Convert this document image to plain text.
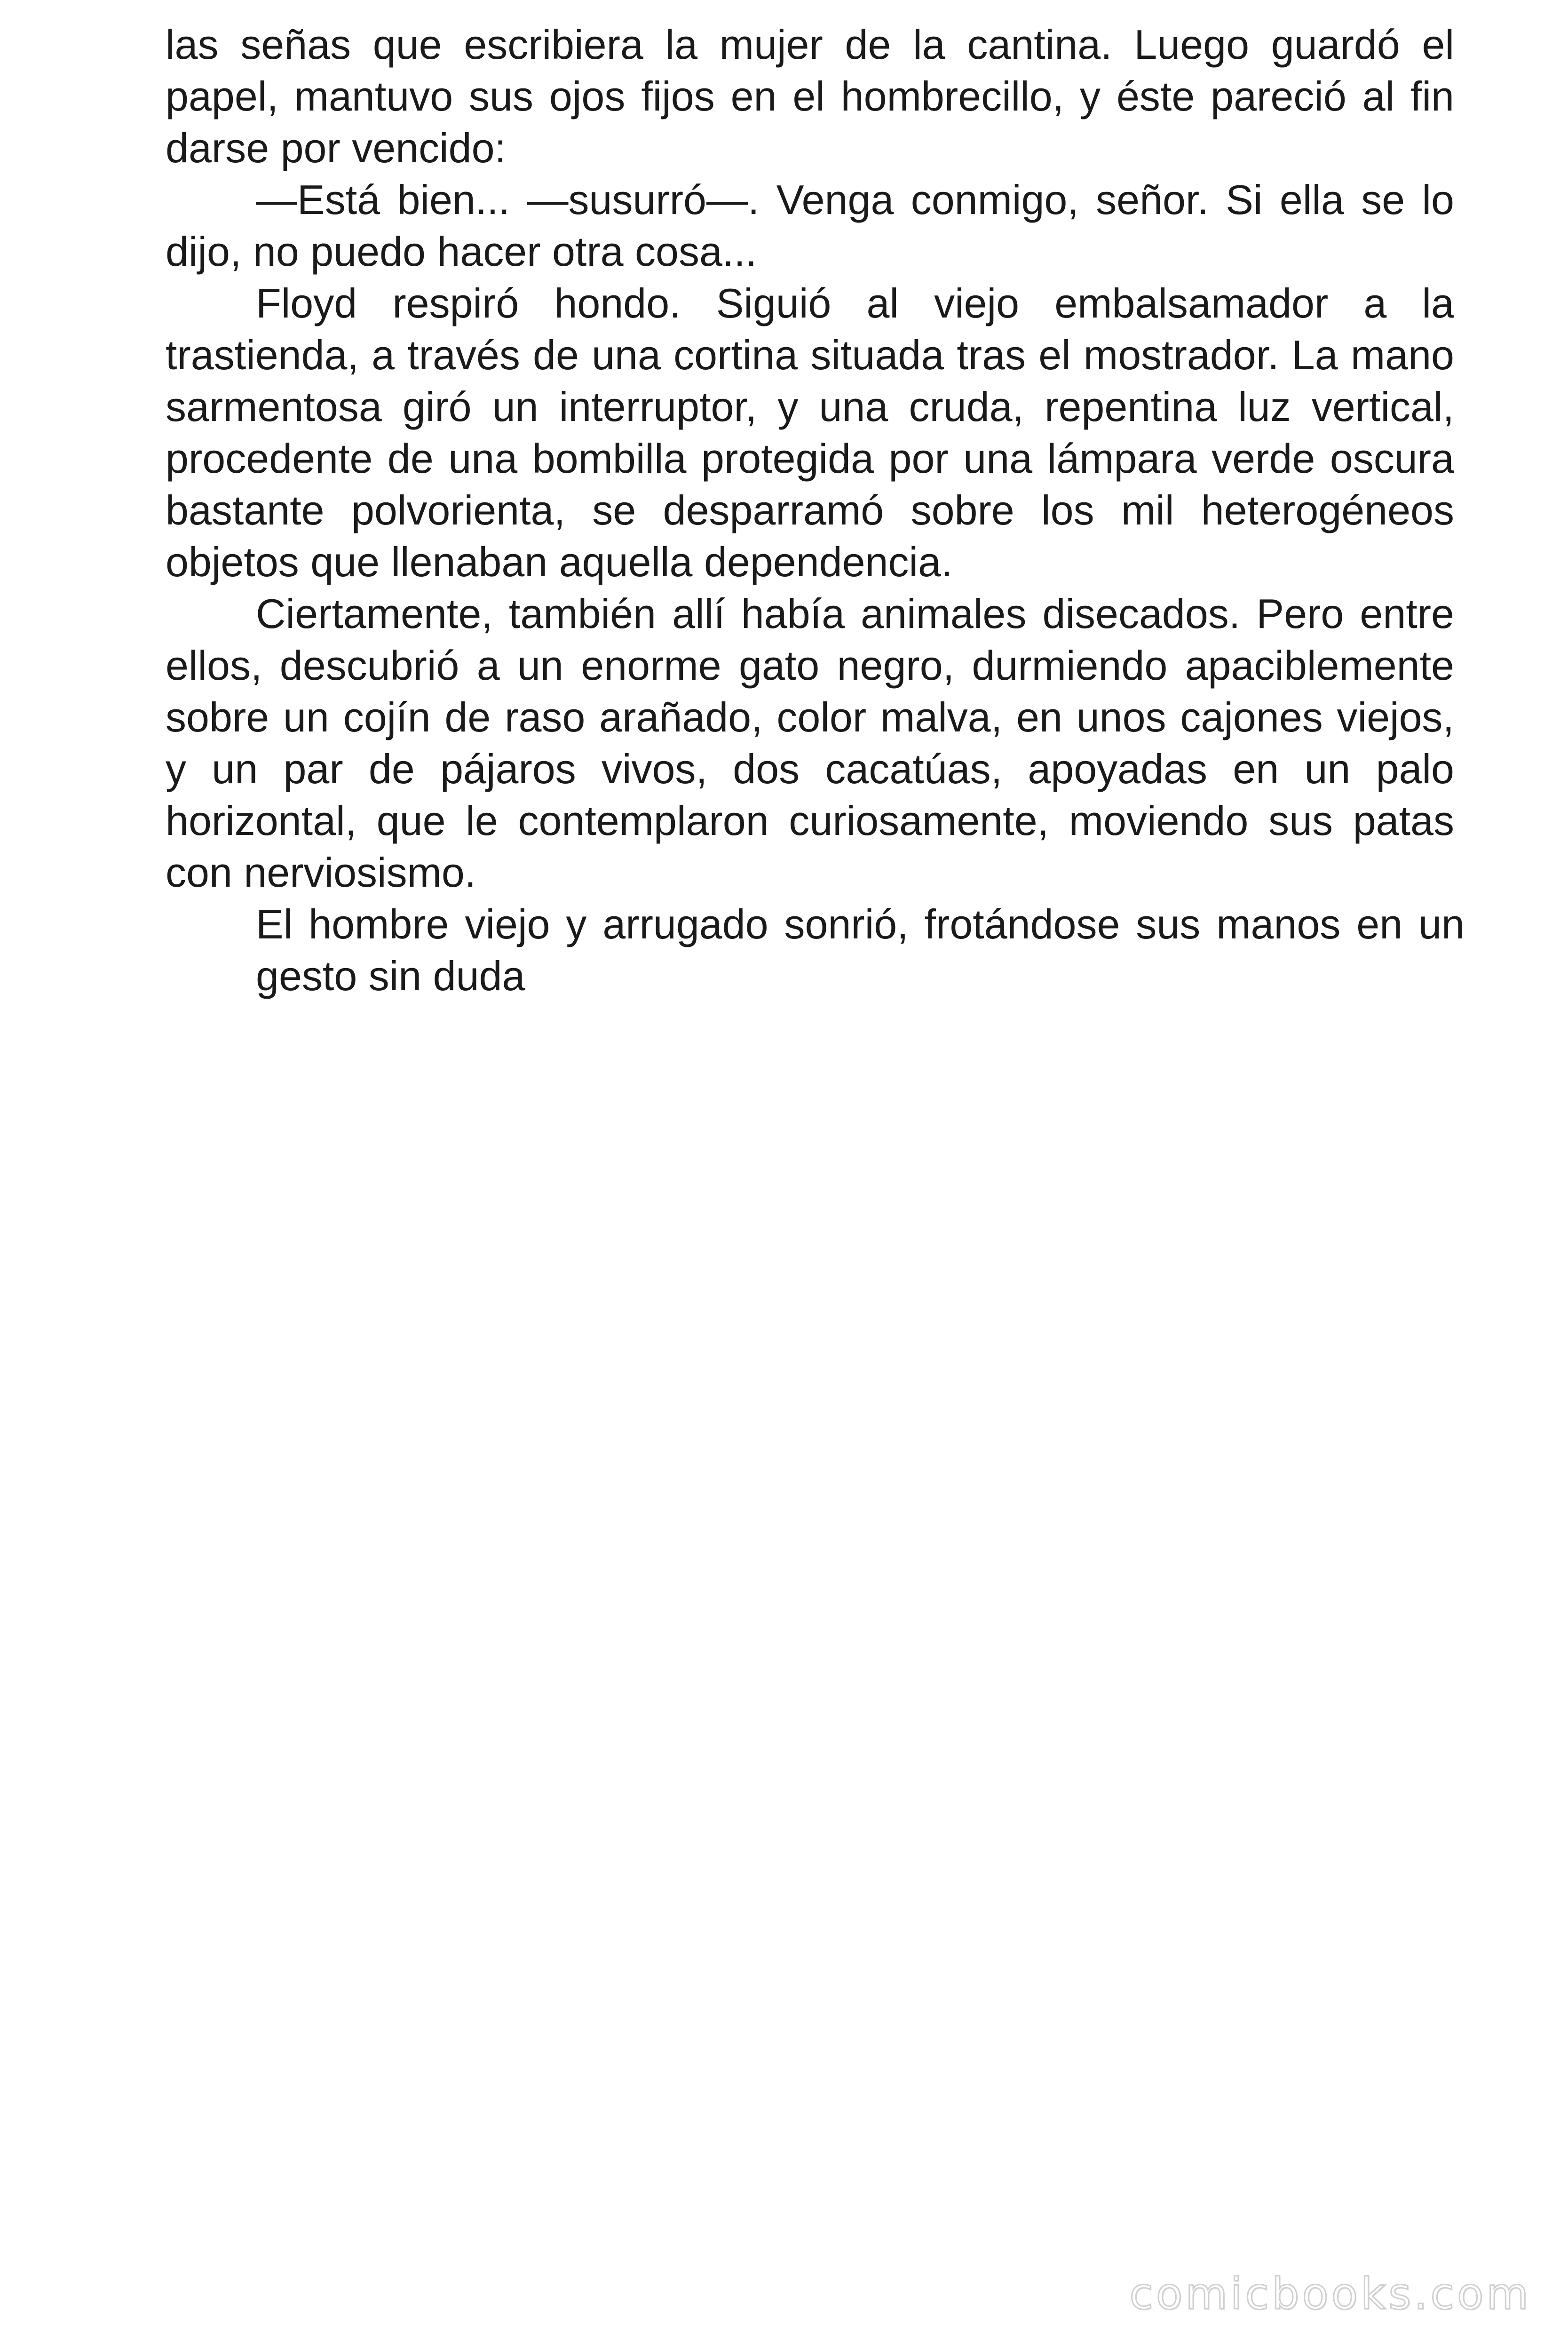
las señas que escribiera la mujer de la cantina. Luego guardó el papel, mantuvo sus ojos fijos en el hombrecillo, y éste pareció al fin darse por vencido:

—Está bien... —susurró—. Venga conmigo, señor. Si ella se lo dijo, no puedo hacer otra cosa...

Floyd respiró hondo. Siguió al viejo embalsamador a la trastienda, a través de una cortina situada tras el mostrador. La mano sarmentosa giró un interruptor, y una cruda, repentina luz vertical, procedente de una bombilla protegida por una lámpara verde oscura bastante polvorienta, se desparramó sobre los mil heterogéneos objetos que llenaban aquella dependencia.

Ciertamente, también allí había animales disecados. Pero entre ellos, descubrió a un enorme gato negro, durmiendo apaciblemente sobre un cojín de raso arañado, color malva, en unos cajones viejos, y un par de pájaros vivos, dos cacatúas, apoyadas en un palo horizontal, que le contemplaron curiosamente, moviendo sus patas con nerviosismo.

El hombre viejo y arrugado sonrió, frotándose sus manos en un gesto sin duda

comicbooks.com
